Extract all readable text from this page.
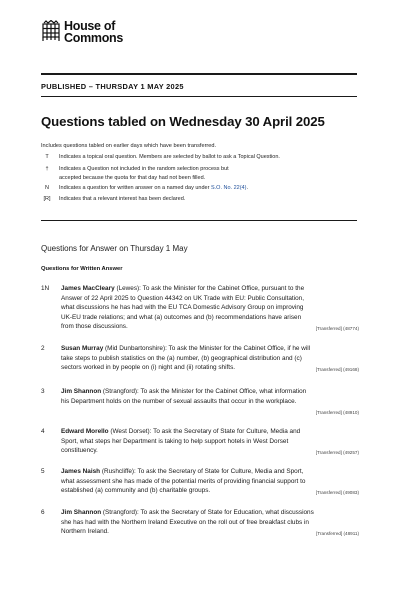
House of
Commons
PUBLISHED – THURSDAY 1 MAY 2025
Questions tabled on Wednesday 30 April 2025
Includes questions tabled on earlier days which have been transferred.
T	Indicates a topical oral question. Members are selected by ballot to ask a Topical Question.
†	Indicates a Question not included in the random selection process but
accepted because the quota for that day had not been filled.
N	Indicates a question for written answer on a named day under S.O. No. 22(4).
[R]	Indicates that a relevant interest has been declared.
Questions for Answer on Thursday 1 May
Questions for Written Answer
1N	James MacCleary (Lewes): To ask the Minister for the Cabinet Office, pursuant to the
Answer of 22 April 2025 to Question 44342 on UK Trade with EU: Public Consultation,
what discussions he has had with the EU TCA Domestic Advisory Group on improving
UK-EU trade relations; and what (a) outcomes and (b) recommendations have arisen
from those discussions.	[Transferred] (48774)
2	Susan Murray (Mid Dunbartonshire): To ask the Minister for the Cabinet Office, if he will
take steps to publish statistics on the (a) number, (b) geographical distribution and (c)
sectors worked in by people on (i) night and (ii) rotating shifts.	[Transferred] (49168)
3	Jim Shannon (Strangford): To ask the Minister for the Cabinet Office, what information
his Department holds on the number of sexual assaults that occur in the workplace.
[Transferred] (48910)
4	Edward Morello (West Dorset): To ask the Secretary of State for Culture, Media and
Sport, what steps her Department is taking to help support hotels in West Dorset
constituency.	[Transferred] (49257)
5	James Naish (Rushcliffe): To ask the Secretary of State for Culture, Media and Sport,
what assessment she has made of the potential merits of providing financial support to
established (a) community and (b) charitable groups.	[Transferred] (49083)
6	Jim Shannon (Strangford): To ask the Secretary of State for Education, what discussions
she has had with the Northern Ireland Executive on the roll out of free breakfast clubs in
Northern Ireland.	[Transferred] (48911)
